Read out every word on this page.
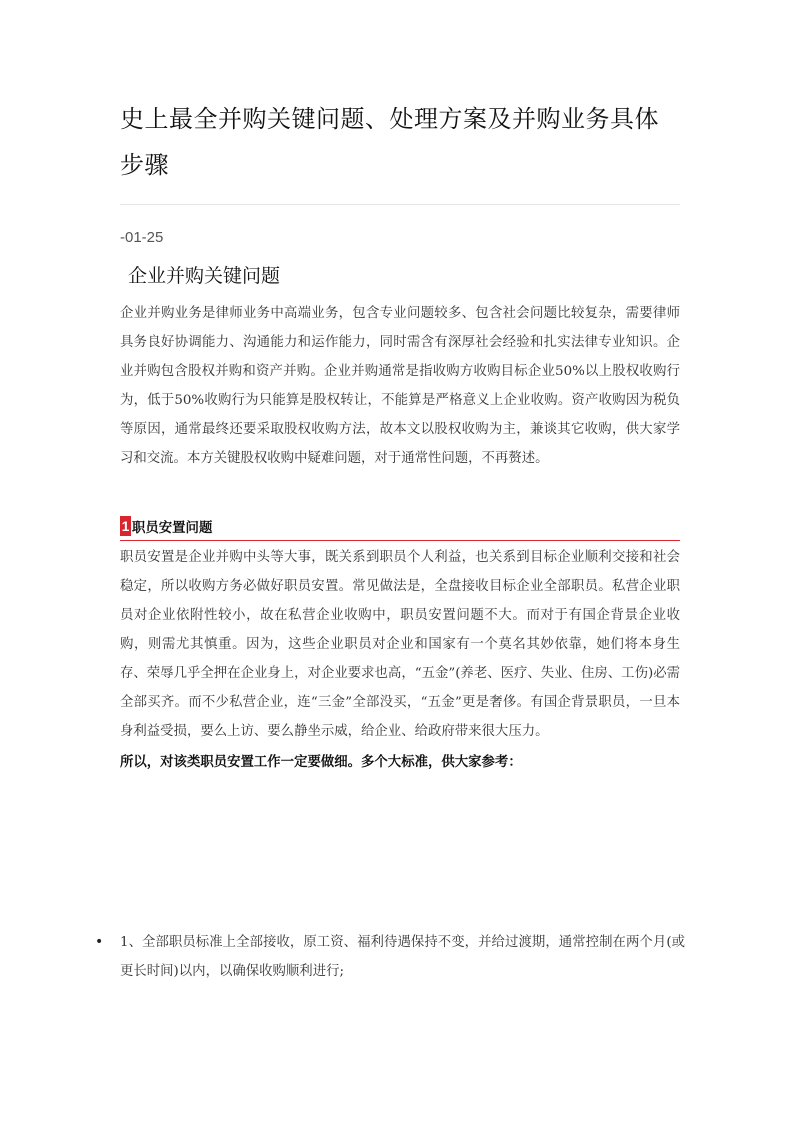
史上最全并购关键问题、处理方案及并购业务具体步骤
-01-25
企业并购关键问题

企业并购业务是律师业务中高端业务，包含专业问题较多、包含社会问题比较复杂，需要律师具务良好协调能力、沟通能力和运作能力，同时需含有深厚社会经验和扎实法律专业知识。企业并购包含股权并购和资产并购。企业并购通常是指收购方收购目标企业50%以上股权收购行为，低于50%收购行为只能算是股权转让，不能算是严格意义上企业收购。资产收购因为税负等原因，通常最终还要采取股权收购方法，故本文以股权收购为主，兼谈其它收购，供大家学习和交流。本方关键股权收购中疑难问题，对于通常性问题，不再赘述。

1 职员安置问题

职员安置是企业并购中头等大事，既关系到职员个人利益，也关系到目标企业顺利交接和社会稳定，所以收购方务必做好职员安置。常见做法是，全盘接收目标企业全部职员。私营企业职员对企业依附性较小，故在私营企业收购中，职员安置问题不大。而对于有国企背景企业收购，则需尤其慎重。因为，这些企业职员对企业和国家有一个莫名其妙依靠，她们将本身生存、荣辱几乎全押在企业身上，对企业要求也高，“五金”(养老、医疗、失业、住房、工伤)必需全部买齐。而不少私营企业，连“三金”全部没买，“五金”更是奢侈。有国企背景职员，一旦本身利益受损，要么上访、要么静坐示威，给企业、给政府带来很大压力。

所以，对该类职员安置工作一定要做细。多个大标准，供大家参考：
•	1、全部职员标准上全部接收，原工资、福利待遇保持不变，并给过渡期，通常控制在两个月(或更长时间)以内，以确保收购顺利进行;
